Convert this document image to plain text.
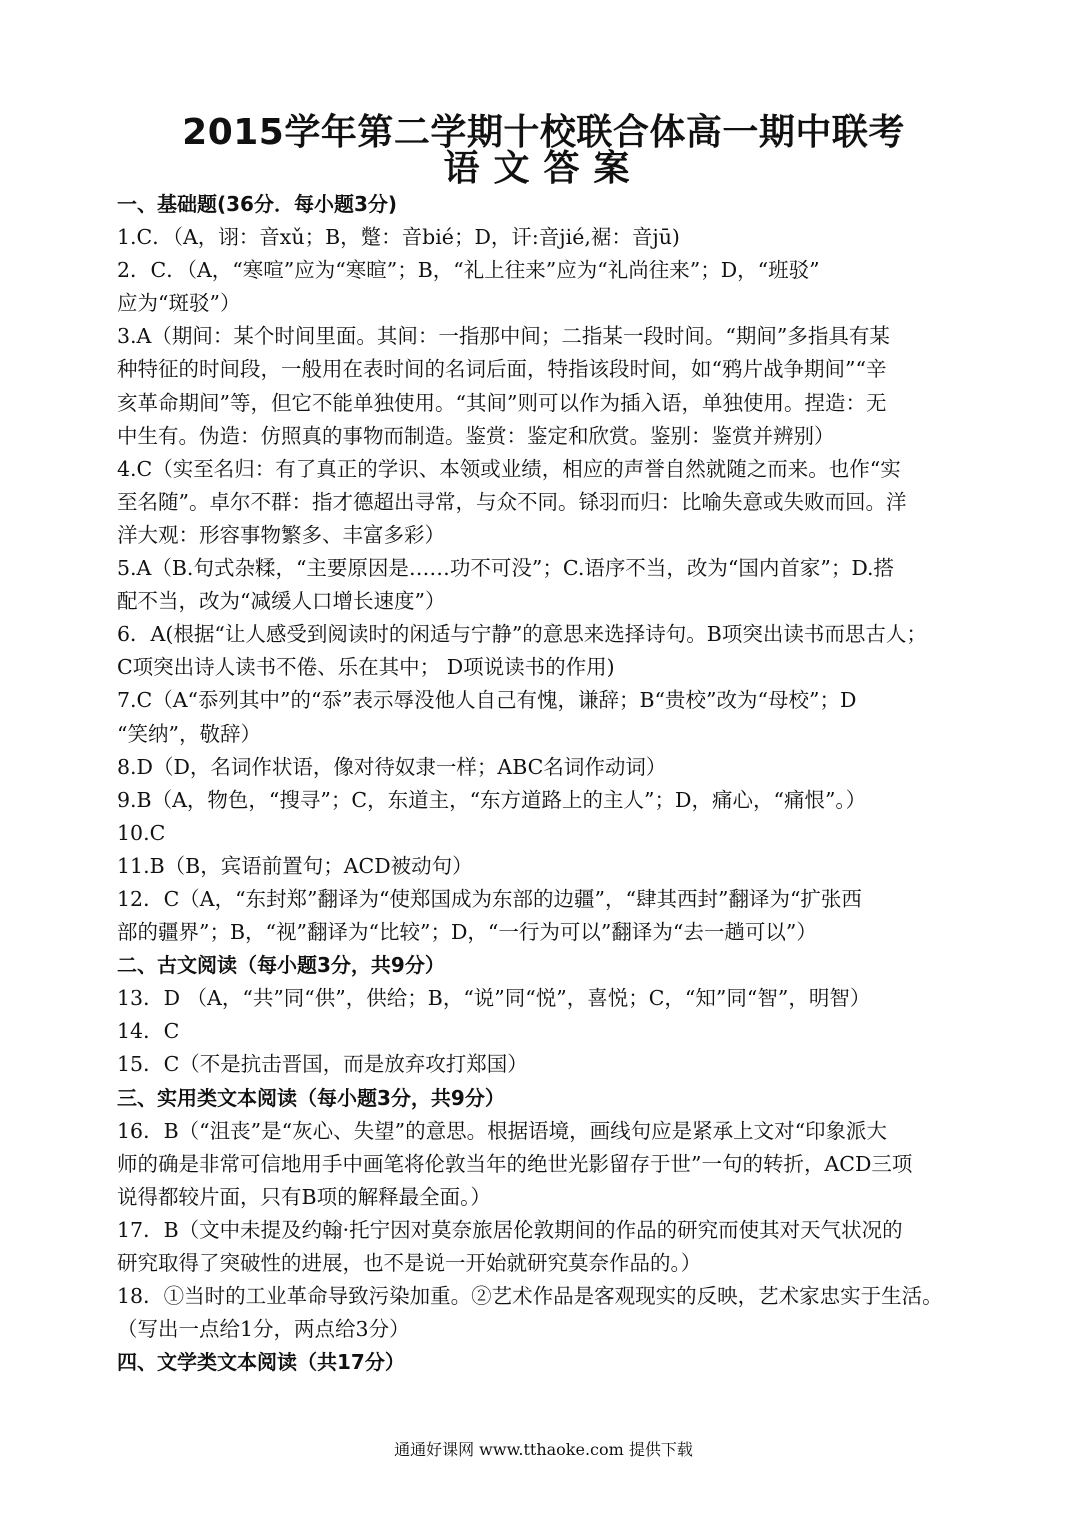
2015学年第二学期十校联合体高一期中联考
语文答案
一、基础题(36分．每小题3分)
1.C．（A，诩：音xǔ；B，蹩：音bié；D，讦:音jié,裾：音jū)
2．C．（A，“寒喧”应为“寒暄”；B，“礼上往来”应为“礼尚往来”；D，“班驳”
应为“斑驳”）
3.A（期间：某个时间里面。其间：一指那中间；二指某一段时间。“期间”多指具有某
种特征的时间段，一般用在表时间的名词后面，特指该段时间，如“鸦片战争期间”“辛
亥革命期间”等，但它不能单独使用。“其间”则可以作为插入语，单独使用。捏造：无
中生有。伪造：仿照真的事物而制造。鉴赏：鉴定和欣赏。鉴别：鉴赏并辨别）
4.C（实至名归：有了真正的学识、本领或业绩，相应的声誉自然就随之而来。也作“实
至名随”。卓尔不群：指才德超出寻常，与众不同。铩羽而归：比喻失意或失败而回。洋
洋大观：形容事物繁多、丰富多彩）
5.A（B.句式杂糅，“主要原因是……功不可没”；C.语序不当，改为“国内首家”；D.搭
配不当，改为“减缓人口增长速度”）
6．A(根据“让人感受到阅读时的闲适与宁静”的意思来选择诗句。B项突出读书而思古人；
C项突出诗人读书不倦、乐在其中； D项说读书的作用)
7.C（A“忝列其中”的“忝”表示辱没他人自己有愧，谦辞；B“贵校”改为“母校”；D
“笑纳”，敬辞）
8.D（D，名词作状语，像对待奴隶一样；ABC名词作动词）
9.B（A，物色，“搜寻”；C，东道主，“东方道路上的主人”；D，痛心，“痛恨”。）
10.C
11.B（B，宾语前置句；ACD被动句）
12．C（A，“东封郑”翻译为“使郑国成为东部的边疆”，“肆其西封”翻译为“扩张西
部的疆界”；B，“视”翻译为“比较”；D，“一行为可以”翻译为“去一趟可以”）
二、古文阅读（每小题3分，共9分）
13．D （A，“共”同“供”，供给；B，“说”同“悦”，喜悦；C，“知”同“智”，明智）
14．C
15．C（不是抗击晋国，而是放弃攻打郑国）
三、实用类文本阅读（每小题3分，共9分）
16．B（“沮丧”是“灰心、失望”的意思。根据语境，画线句应是紧承上文对“印象派大
师的确是非常可信地用手中画笔将伦敦当年的绝世光影留存于世”一句的转折，ACD三项
说得都较片面，只有B项的解释最全面。）
17．B（文中未提及约翰·托宁因对莫奈旅居伦敦期间的作品的研究而使其对天气状况的
研究取得了突破性的进展，也不是说一开始就研究莫奈作品的。）
18．①当时的工业革命导致污染加重。②艺术作品是客观现实的反映，艺术家忠实于生活。
（写出一点给1分，两点给3分）
四、文学类文本阅读（共17分）
通通好课网 www.tthaoke.com 提供下载
